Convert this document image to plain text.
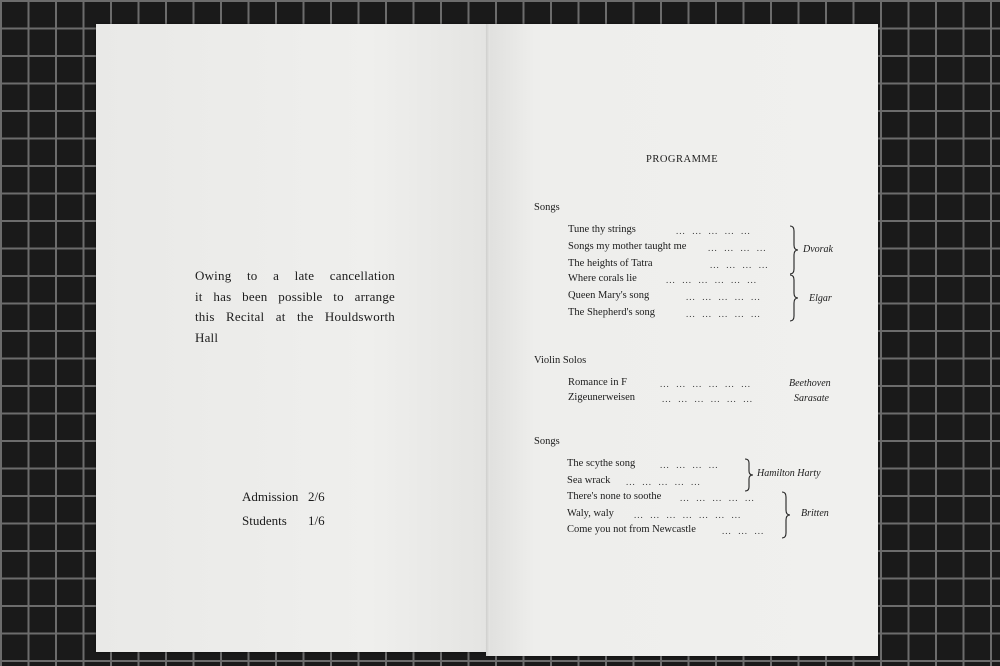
Owing to a late cancellation
it has been possible to arrange
this Recital at the Houldsworth
Hall
Admission 2/6
Students 1/6
PROGRAMME
Songs
Tune thy strings	...  ...  ...  ...  ...
Songs my mother taught me ...  ...  ...  ...
The heights of Tatra	...  ...  ...  ...
Dvorak
Where corals lie	...  ...  ...  ...  ...  ...
Queen Mary's song	...  ...  ...  ...  ...
The Shepherd's song	...  ...  ...  ...  ...
Elgar
Violin Solos
Romance in F	...  ...  ...  ...  ...  ...	Beethoven
Zigeunerweisen	...  ...  ...  ...  ...  ...	Sarasate
Songs
The scythe song	...  ...  ...  ...
Sea wrack ...  ...  ...  ...  ...
Hamilton Harty
There's none to soothe ...  ...  ...  ...  ...
Waly, waly ...  ...  ...  ...  ...  ...  ...
Come you not from Newcastle	...  ...  ...
Britten
